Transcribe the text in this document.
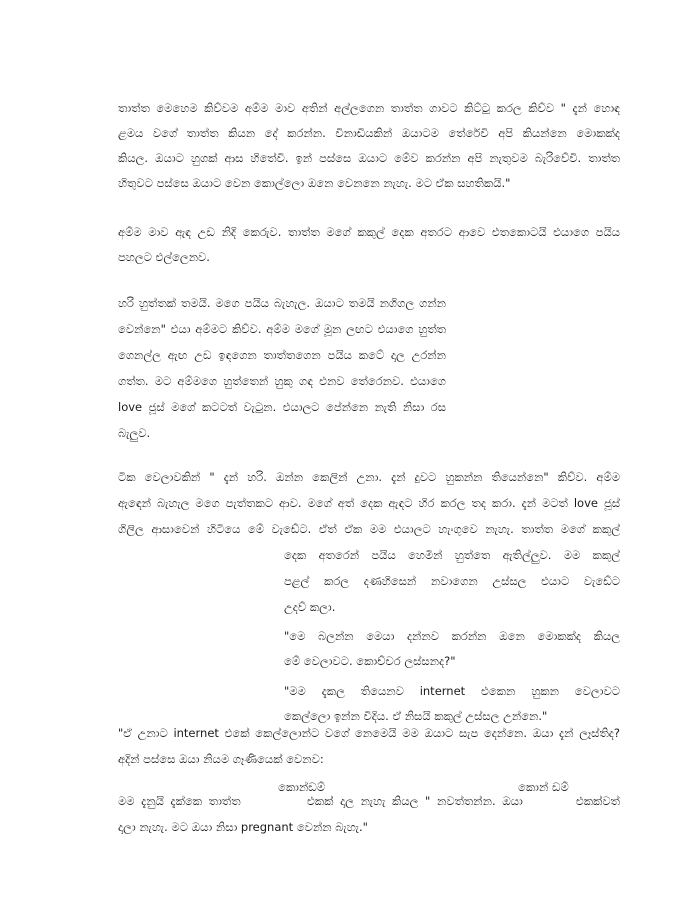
තාත්ත මෙහෙම කිව්වම අම්ම මාව අතින් අල්ලගෙන තාත්ත ගාවට කිට්ටු කරල කිව්ව " දැන් හොඳ
ළමය වගේ තාත්ත කියන දේ කරන්න. විනාඩියකින් ඔයාටම තේරේවි අපි කියන්නෙ මොකක්ද
කියල. ඔයාට හුගක් ආස හිතේවි. ඉන් පස්සෙ ඔයාට මේව කරන්න අපි නැතුවම බැරිවේවි. තාත්ත
හිතුවට පස්සෙ ඔයාට වෙන කොල්ලො ඔනෙ වෙනනෙ නැහැ. මට ඒක සහතිකයි."
අම්ම මාව ඇඳ උඩ නිදි කෙරුව. තාත්ත මගේ කකුල් දෙක අතරට ආවෙ එතකොටයි එයාගෙ පයිය
පහලට එල්ලෙනව.
හරි හුත්තක් තමයි. මගෙ පයිය බැහැල. ඔයාට තමයි නගිගල ගන්න
වෙන්නෙ" එයා අම්මට කිව්ව. අම්ම මගේ මූන ලඟට එයාගෙ හුත්ත
ගෙනල්ල ඇඟ උඩ ඉඳගෙන තාත්තගෙන පයිය කටේ දාල උරන්න
ගත්ත. මට අම්මගෙ හුත්තෙන් හුකු ගඳ එනව තේරෙනව. එයාගෙ
love ජූස් මගේ කටටත් වැටුන. එයාලට පේන්නෙ නැති නිසා රස
බැලුව.
ටික වෙලාවකින් " දැන් හරි. ඔන්න කෙලින් උනා. දැන් දුවට හුකන්න තියෙන්නෙ" කිව්ව. අම්ම
ඇඳෙන් බැහැල මගෙ පැත්තකට ආව. මගේ අත් දෙක ඇඳට හිර කරල තද කරා. දැන් මටත් love ජූස්
ගිලිල ආසාවෙන් හිටියෙ මේ වැඩේට. ඒත් ඒක මම එයාලට හැංගුවෙ නැහැ. තාත්ත මගේ කකුල්
දෙක අතරෙන් පයිය හෙමින් හුත්තෙ ඇතිල්ලුව. මම කකුල්
පළල් කරල දණහිසෙන් නවාගෙන උස්සල එයාට වැඩේට
උදව් කලා.
"මෙ බලන්න මෙයා දන්නව කරන්න ඔනෙ මොකක්ද කියල
මේ වෙලාවට. කොච්චර ලස්සනද?"
"මම දැකල තියෙනව internet එකෙන හුකන වෙලාවට
කෙල්ලො ඉන්න විදිය. ඒ නිසයි කකුල් උස්සල උන්නෙ."
"ඒ උනාට internet එකේ කෙල්ලොන්ට වගේ නෙමෙයි මම ඔයාට සැප දෙන්නෙ. ඔයා දැන් ලෑස්තිද?
අදින් පස්සෙ ඔයා නියම ගෑණියෙක් වෙනව:
කොන්ඩම්	කොන් ඩම්
මම දැනුයි දැක්කෙ තාත්ත          එකක් දාල නැහැ කියල " නවත්තන්න. ඔයා        එකක්වත්
දාලා නැහැ. මට ඔයා නිසා pregnant වෙන්න බැහැ."
